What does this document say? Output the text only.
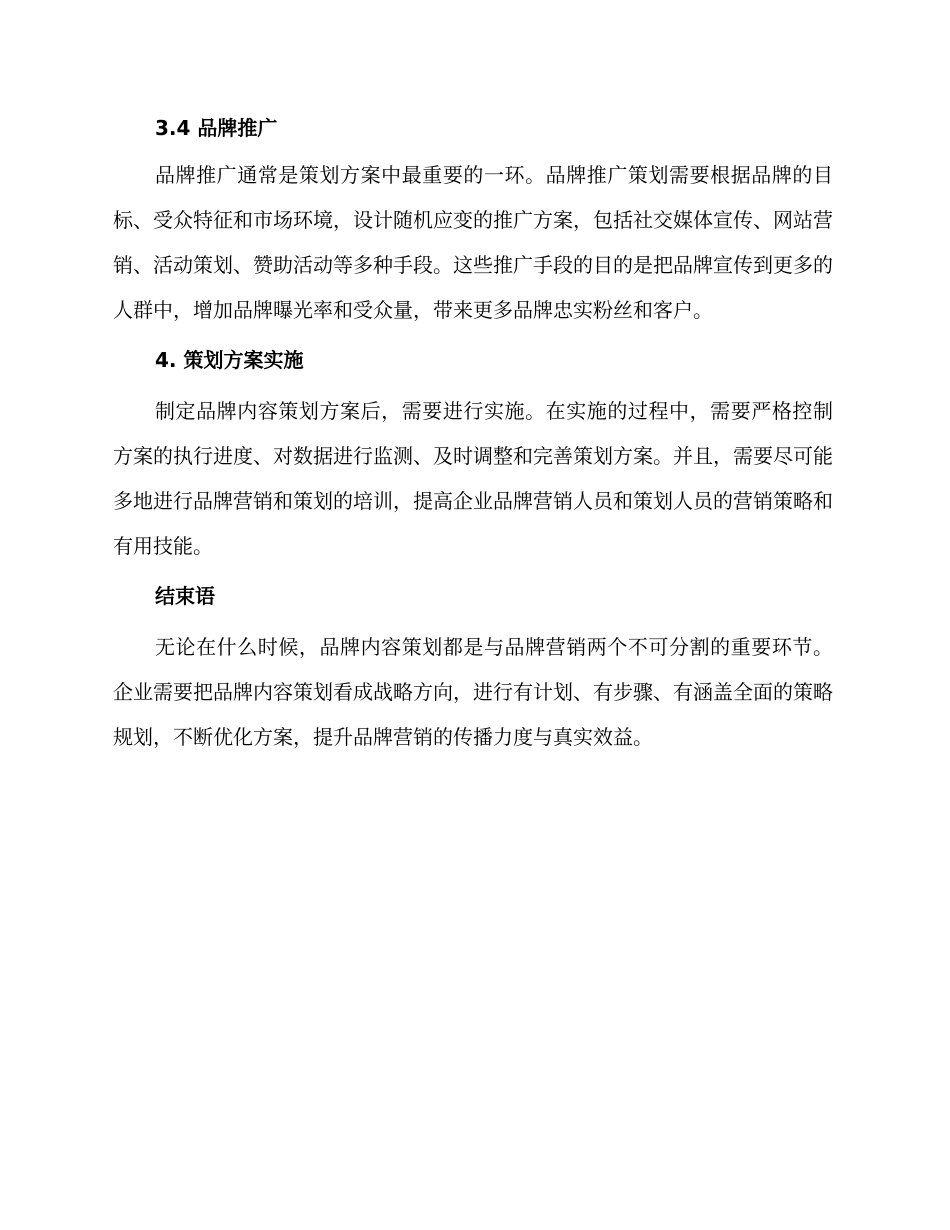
3.4 品牌推广

品牌推广通常是策划方案中最重要的一环。品牌推广策划需要根据品牌的目标、受众特征和市场环境，设计随机应变的推广方案，包括社交媒体宣传、网站营销、活动策划、赞助活动等多种手段。这些推广手段的目的是把品牌宣传到更多的人群中，增加品牌曝光率和受众量，带来更多品牌忠实粉丝和客户。

4. 策划方案实施

制定品牌内容策划方案后，需要进行实施。在实施的过程中，需要严格控制方案的执行进度、对数据进行监测、及时调整和完善策划方案。并且，需要尽可能多地进行品牌营销和策划的培训，提高企业品牌营销人员和策划人员的营销策略和有用技能。

结束语

无论在什么时候，品牌内容策划都是与品牌营销两个不可分割的重要环节。企业需要把品牌内容策划看成战略方向，进行有计划、有步骤、有涵盖全面的策略规划，不断优化方案，提升品牌营销的传播力度与真实效益。
